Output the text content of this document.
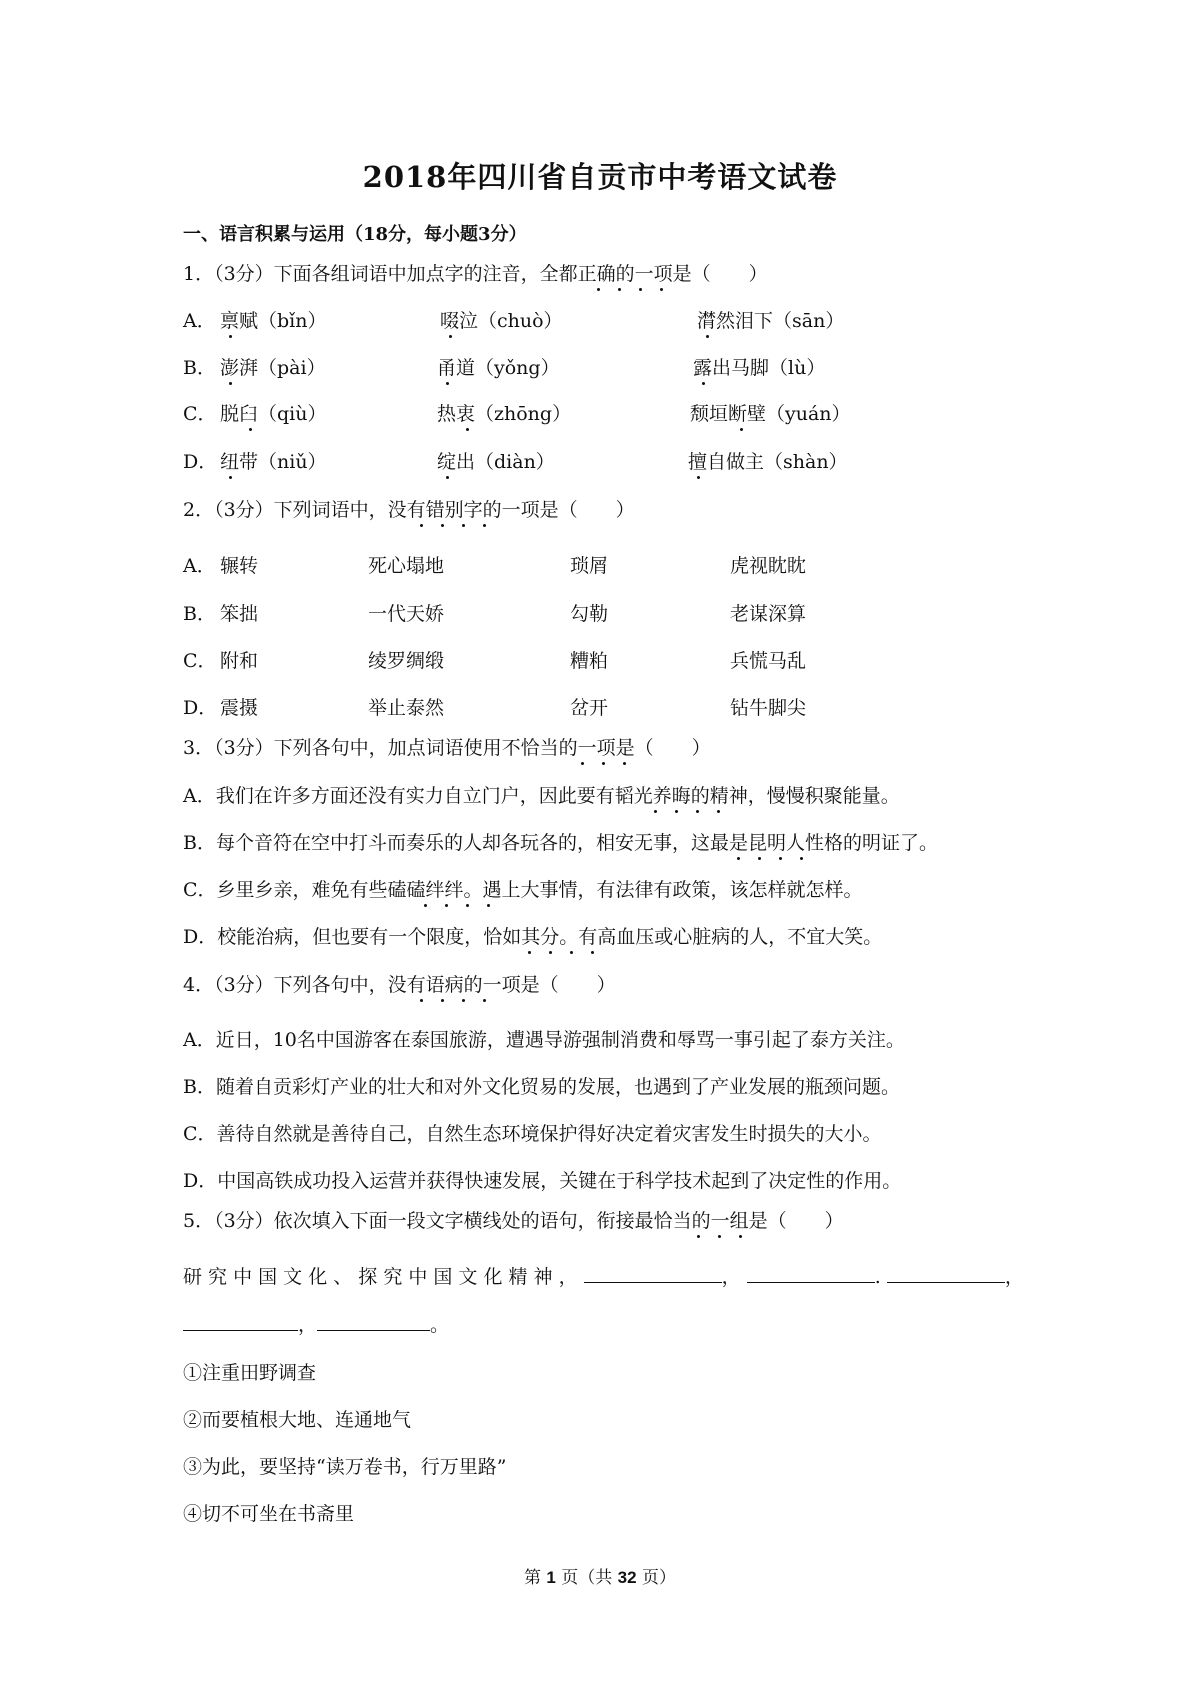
2018年四川省自贡市中考语文试卷
一、语言积累与运用（18分，每小题3分）
1．（3分）下面各组词语中加点字的注音，全都正确的一项是（　　）
A． 禀赋（bǐn）	啜泣（chuò）	潸然泪下（sān）
B． 澎湃（pài）	甬道（yǒng）	露出马脚（lù）
C． 脱臼（qiù）	热衷（zhōng）	颓垣断壁（yuán）
D． 纽带（niǔ）	绽出（diàn）	擅自做主（shàn）
2．（3分）下列词语中，没有错别字的一项是（　　）
A． 辗转	死心塌地	琐屑	虎视眈眈
B． 笨拙	一代天娇	勾勒	老谋深算
C． 附和	绫罗绸缎	糟粕	兵慌马乱
D． 震摄	举止泰然	岔开	钻牛脚尖
3．（3分）下列各句中，加点词语使用不恰当的一项是（　　）
A．我们在许多方面还没有实力自立门户，因此要有韬光养晦的精神，慢慢积聚能量。
B．每个音符在空中打斗而奏乐的人却各玩各的，相安无事，这最是昆明人性格的明证了。
C．乡里乡亲，难免有些磕磕绊绊。遇上大事情，有法律有政策，该怎样就怎样。
D．校能治病，但也要有一个限度，恰如其分。有高血压或心脏病的人，不宜大笑。
4．（3分）下列各句中，没有语病的一项是（　　）
A．近日，10名中国游客在泰国旅游，遭遇导游强制消费和辱骂一事引起了泰方关注。
B．随着自贡彩灯产业的壮大和对外文化贸易的发展，也遇到了产业发展的瓶颈问题。
C．善待自然就是善待自己，自然生态环境保护得好决定着灾害发生时损失的大小。
D．中国高铁成功投入运营并获得快速发展，关键在于科学技术起到了决定性的作用。
5．（3分）依次填入下面一段文字横线处的语句，衔接最恰当的一组是（　　）
研 究 中 国 文 化 、 探 究 中 国 文 化 精 神 ，	，	.	，
，	。
①注重田野调查
②而要植根大地、连通地气
③为此，要坚持“读万卷书，行万里路”
④切不可坐在书斋里
第 1 页（共 32 页）
